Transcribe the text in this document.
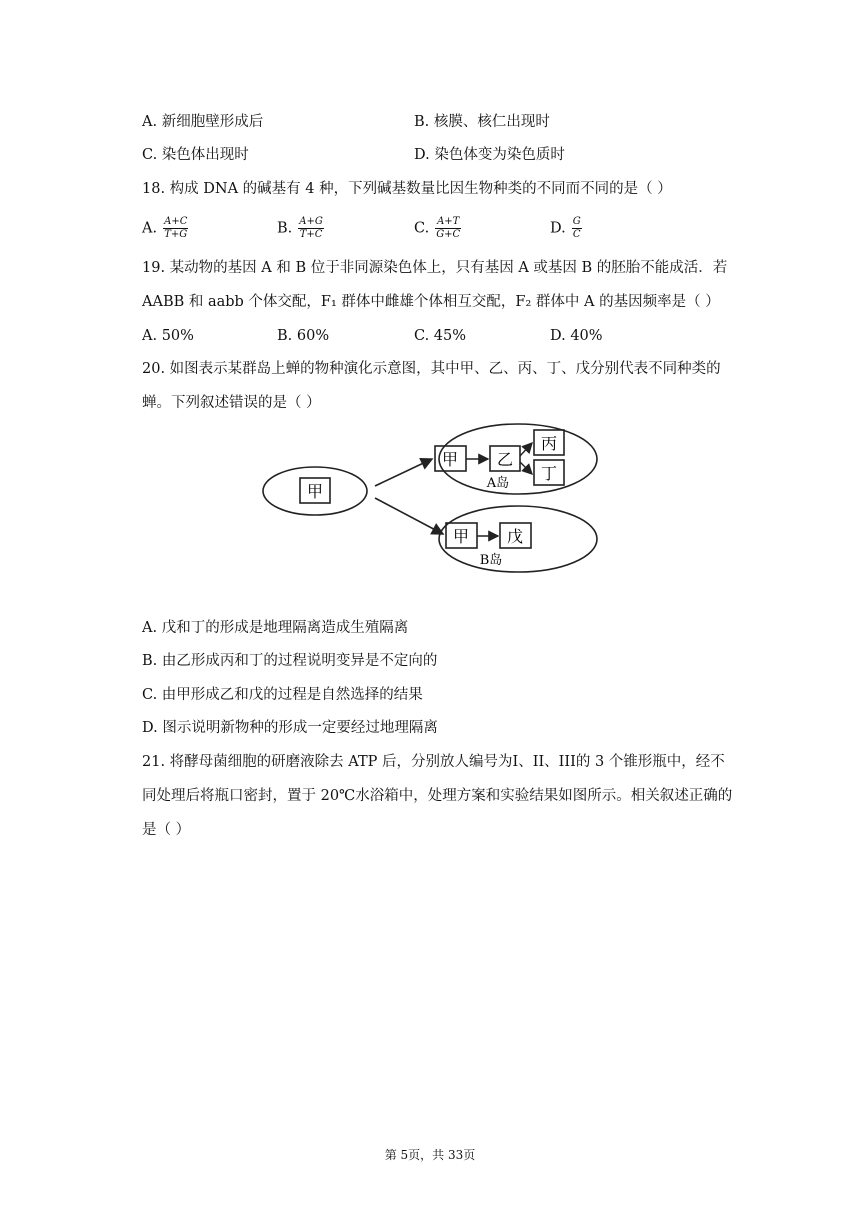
A. 新细胞壁形成后	B. 核膜、核仁出现时
C. 染色体出现时	D. 染色体变为染色质时
18. 构成 DNA 的碱基有 4 种，下列碱基数量比因生物种类的不同而不同的是（ ）
A. $\frac{A+C}{T+G}$	B. $\frac{A+G}{T+C}$	C. $\frac{A+T}{G+C}$	D. $\frac{G}{C}$
19. 某动物的基因 A 和 B 位于非同源染色体上，只有基因 A 或基因 B 的胚胎不能成活．若
AABB 和 aabb 个体交配，F₁ 群体中雌雄个体相互交配，F₂ 群体中 A 的基因频率是（ ）
A. 50%	B. 60%	C. 45%	D. 40%
20. 如图表示某群岛上蝉的物种演化示意图，其中甲、乙、丙、丁、戊分别代表不同种类的
蝉。下列叙述错误的是（ ）
甲
甲 乙
丙
丁
A岛
甲 戊
B岛
A. 戊和丁的形成是地理隔离造成生殖隔离
B. 由乙形成丙和丁的过程说明变异是不定向的
C. 由甲形成乙和戊的过程是自然选择的结果
D. 图示说明新物种的形成一定要经过地理隔离
21. 将酵母菌细胞的研磨液除去 ATP 后，分别放人编号为I、II、III的 3 个锥形瓶中，经不
同处理后将瓶口密封，置于 20℃水浴箱中，处理方案和实验结果如图所示。相关叙述正确的
是（ ）
第 5页，共 33页
